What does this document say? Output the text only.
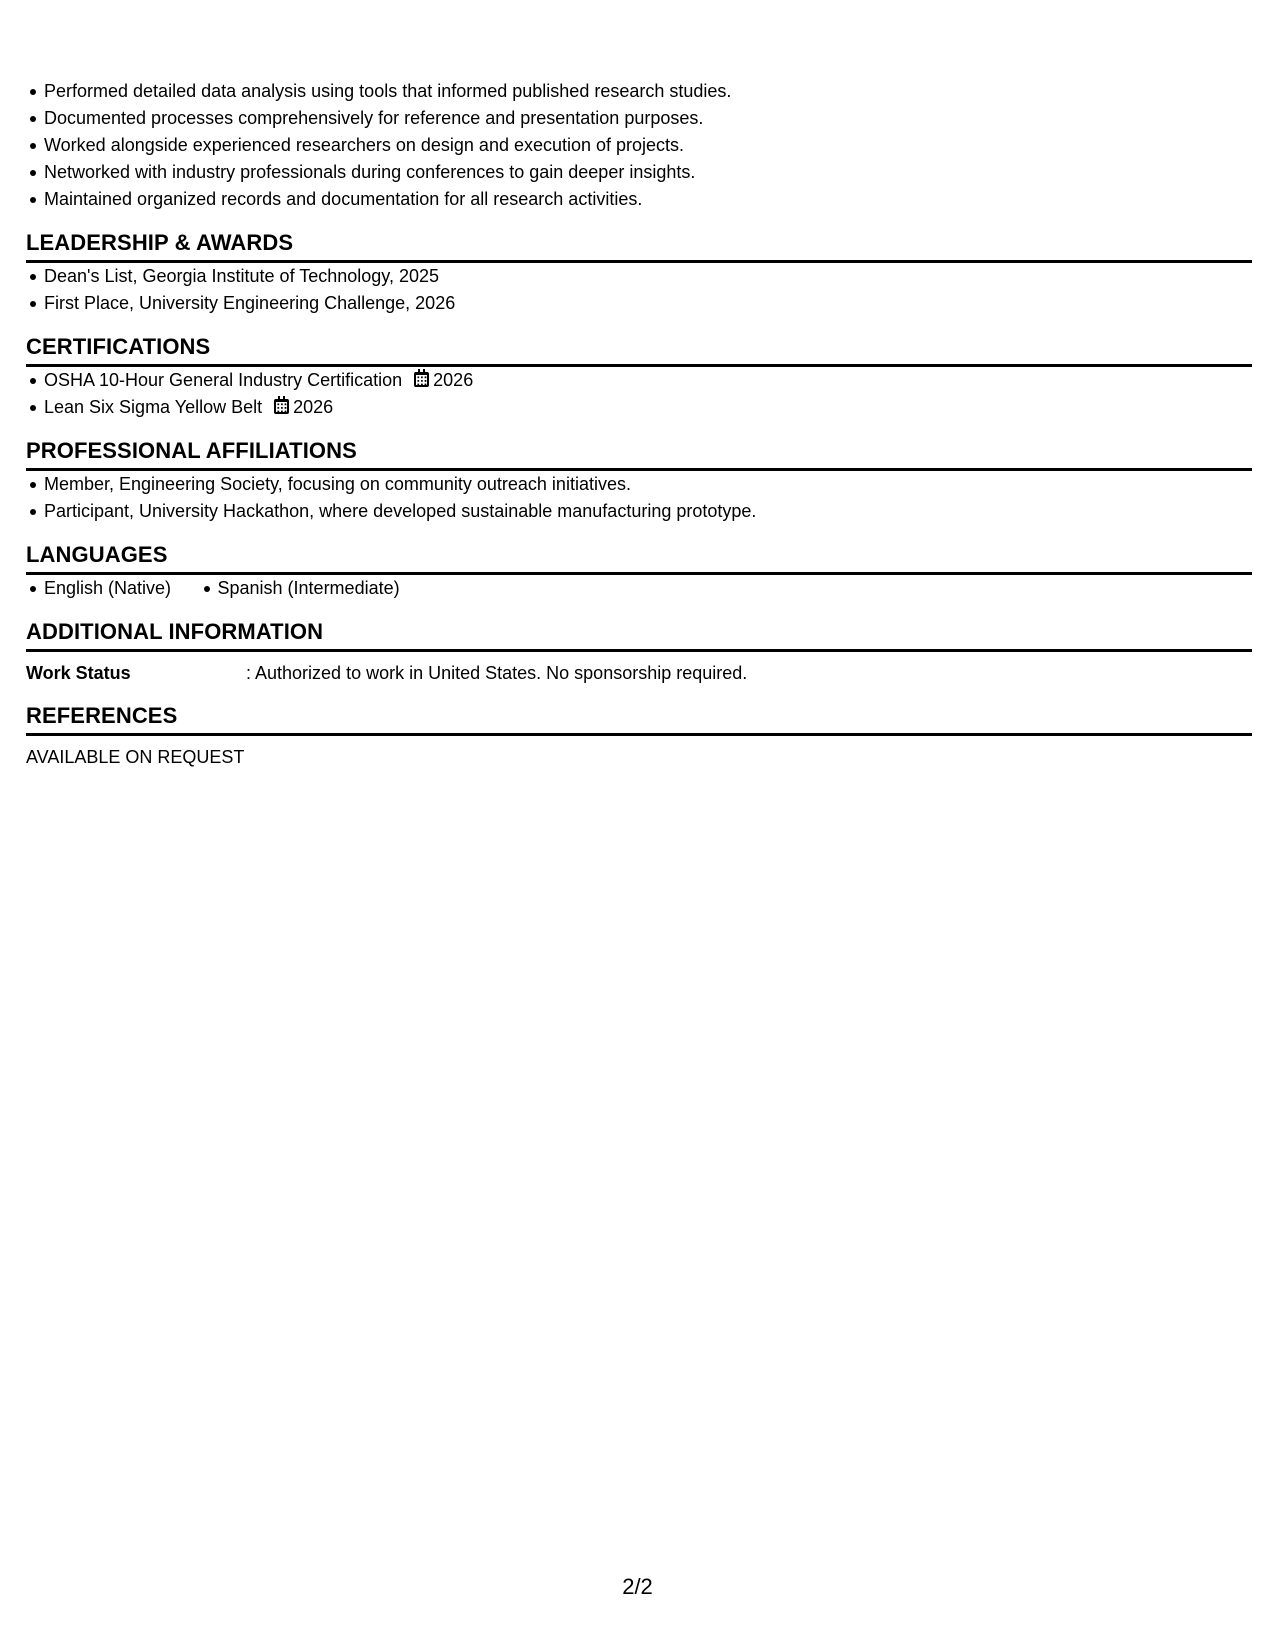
Performed detailed data analysis using tools that informed published research studies.
Documented processes comprehensively for reference and presentation purposes.
Worked alongside experienced researchers on design and execution of projects.
Networked with industry professionals during conferences to gain deeper insights.
Maintained organized records and documentation for all research activities.
LEADERSHIP & AWARDS
Dean's List, Georgia Institute of Technology, 2025
First Place, University Engineering Challenge, 2026
CERTIFICATIONS
OSHA 10-Hour General Industry Certification 2026
Lean Six Sigma Yellow Belt 2026
PROFESSIONAL AFFILIATIONS
Member, Engineering Society, focusing on community outreach initiatives.
Participant, University Hackathon, where developed sustainable manufacturing prototype.
LANGUAGES
English (Native)	Spanish (Intermediate)
ADDITIONAL INFORMATION
Work Status	: Authorized to work in United States. No sponsorship required.
REFERENCES
AVAILABLE ON REQUEST
2/2
